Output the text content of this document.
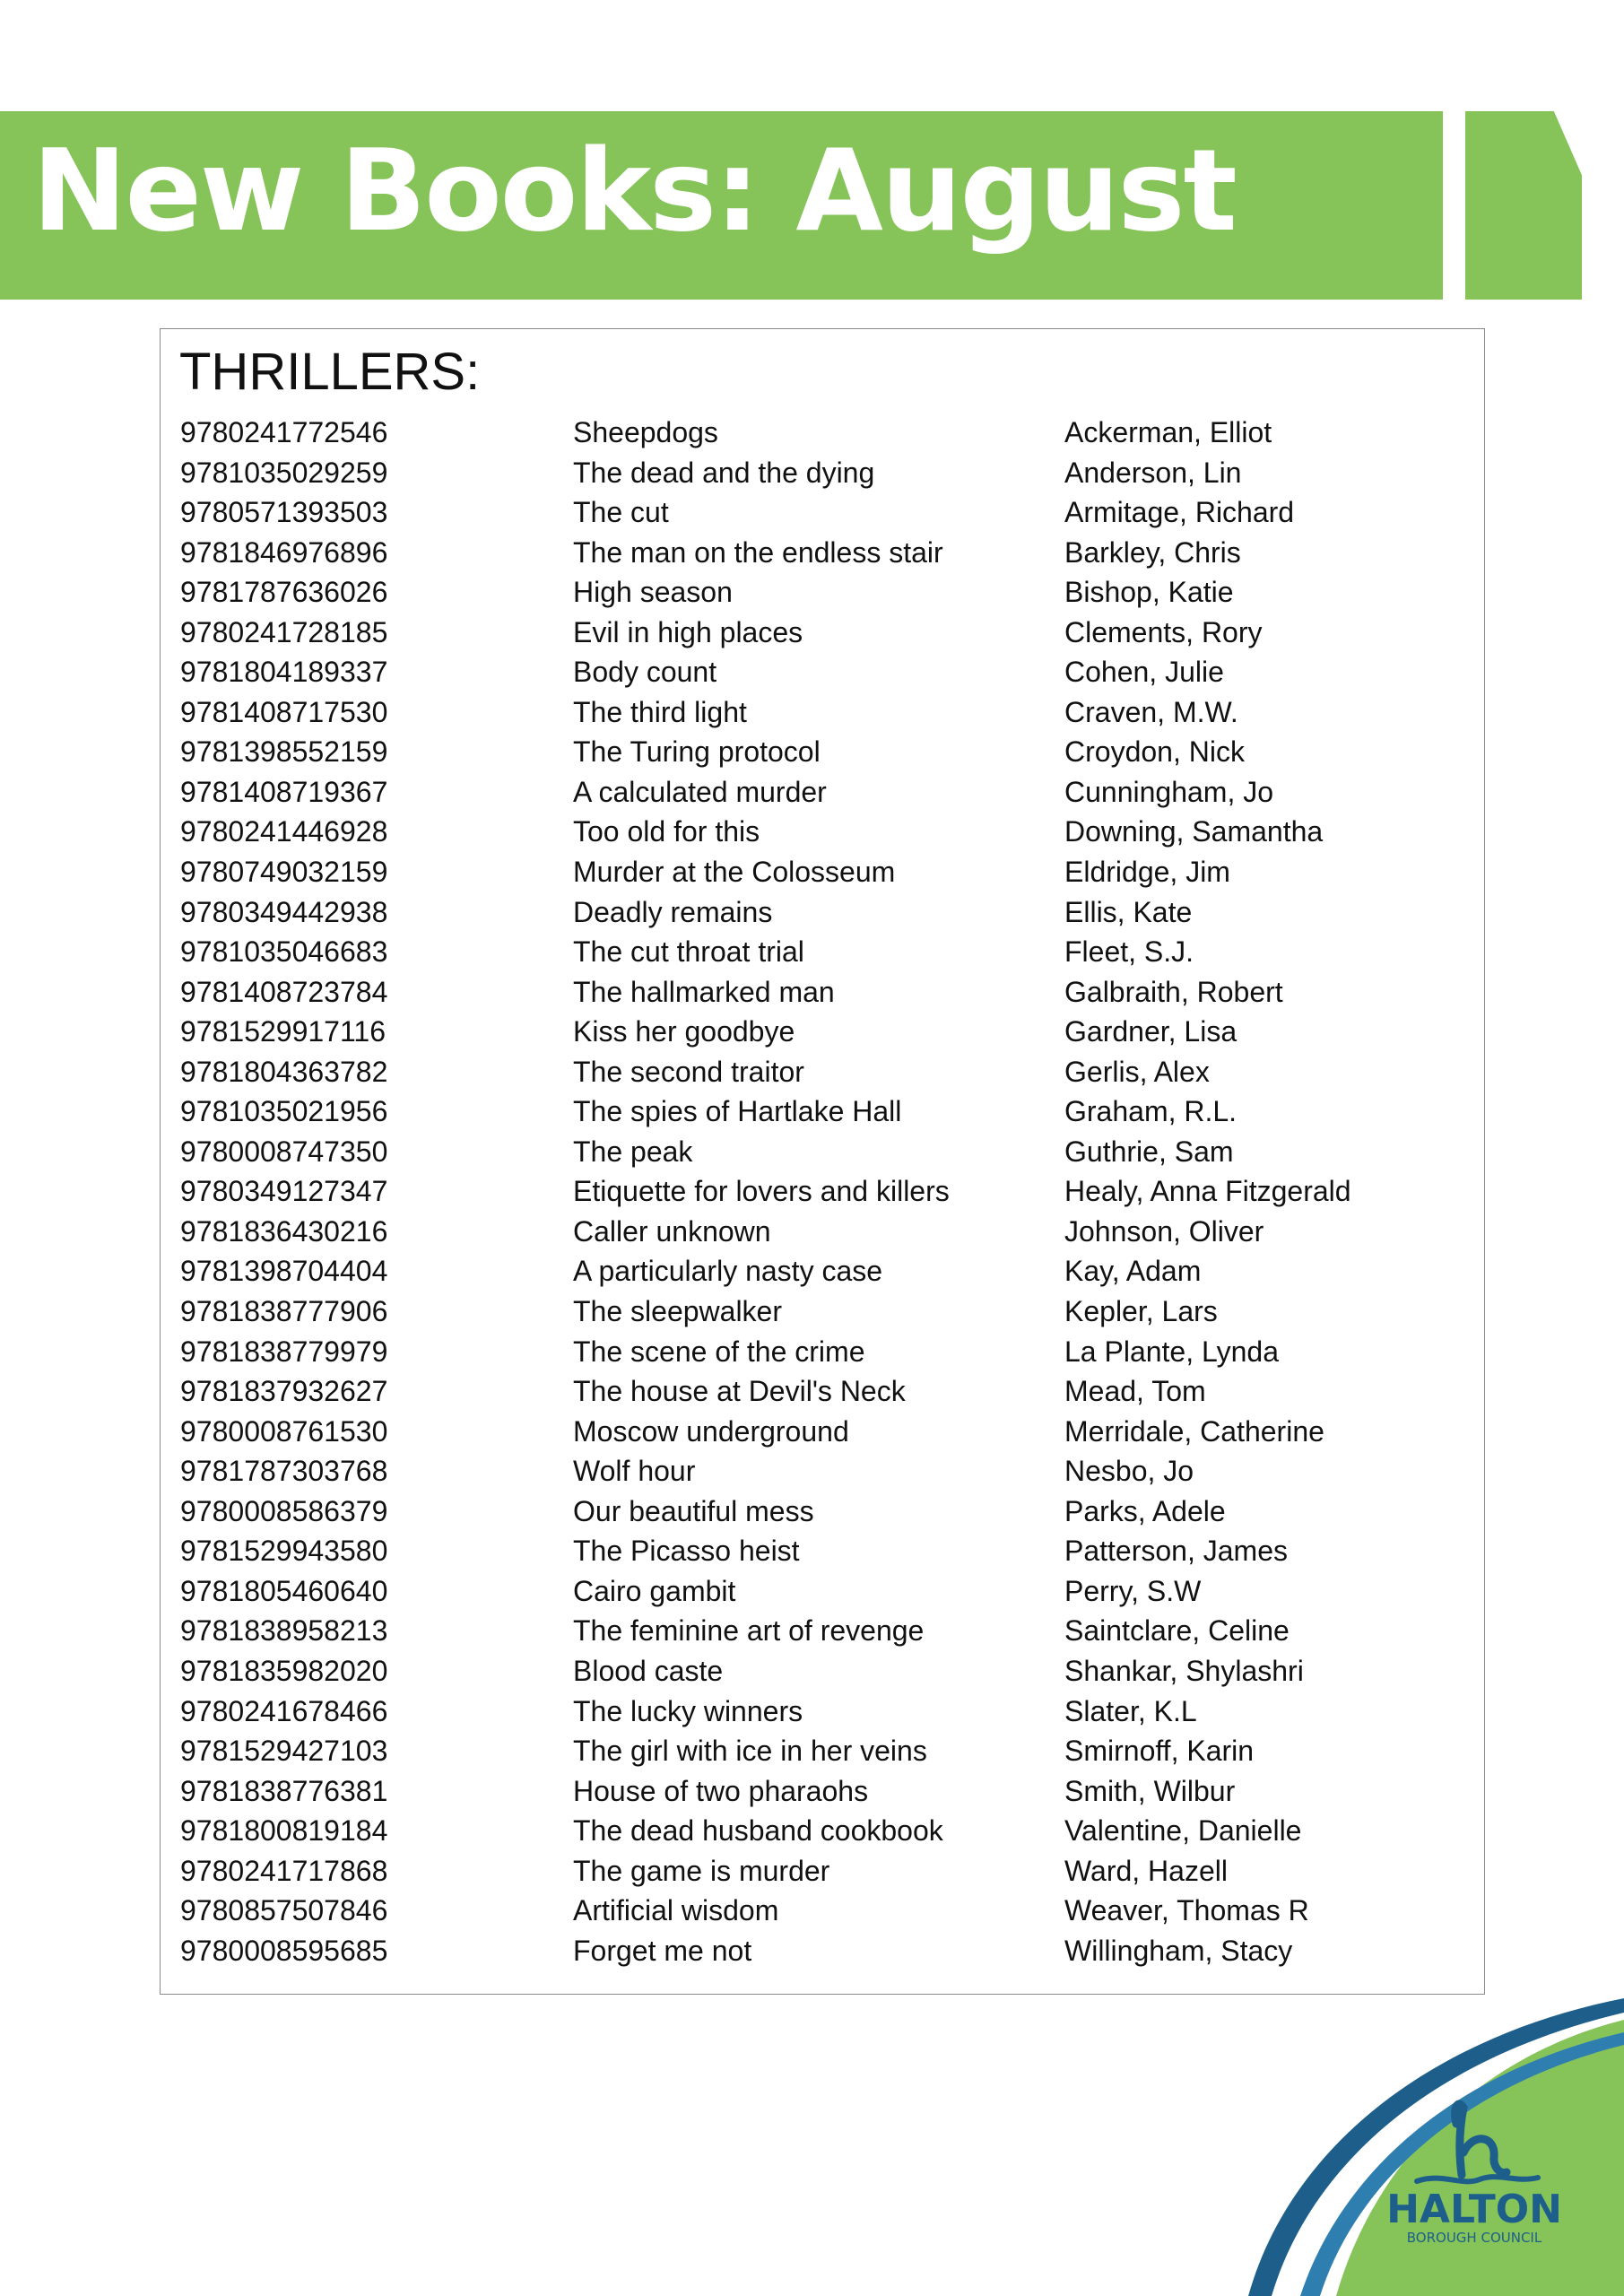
New Books: August
THRILLERS:
9780241772546	Sheepdogs	Ackerman, Elliot
9781035029259	The dead and the dying	Anderson, Lin
9780571393503	The cut	Armitage, Richard
9781846976896	The man on the endless stair	Barkley, Chris
9781787636026	High season	Bishop, Katie
9780241728185	Evil in high places	Clements, Rory
9781804189337	Body count	Cohen, Julie
9781408717530	The third light	Craven, M.W.
9781398552159	The Turing protocol	Croydon, Nick
9781408719367	A calculated murder	Cunningham, Jo
9780241446928	Too old for this	Downing, Samantha
9780749032159	Murder at the Colosseum	Eldridge, Jim
9780349442938	Deadly remains	Ellis, Kate
9781035046683	The cut throat trial	Fleet, S.J.
9781408723784	The hallmarked man	Galbraith, Robert
9781529917116	Kiss her goodbye	Gardner, Lisa
9781804363782	The second traitor	Gerlis, Alex
9781035021956	The spies of Hartlake Hall	Graham, R.L.
9780008747350	The peak	Guthrie, Sam
9780349127347	Etiquette for lovers and killers	Healy, Anna Fitzgerald
9781836430216	Caller unknown	Johnson, Oliver
9781398704404	A particularly nasty case	Kay, Adam
9781838777906	The sleepwalker	Kepler, Lars
9781838779979	The scene of the crime	La Plante, Lynda
9781837932627	The house at Devil's Neck	Mead, Tom
9780008761530	Moscow underground	Merridale, Catherine
9781787303768	Wolf hour	Nesbo, Jo
9780008586379	Our beautiful mess	Parks, Adele
9781529943580	The Picasso heist	Patterson, James
9781805460640	Cairo gambit	Perry, S.W
9781838958213	The feminine art of revenge	Saintclare, Celine
9781835982020	Blood caste	Shankar, Shylashri
9780241678466	The lucky winners	Slater, K.L
9781529427103	The girl with ice in her veins	Smirnoff, Karin
9781838776381	House of two pharaohs	Smith, Wilbur
9781800819184	The dead husband cookbook	Valentine, Danielle
9780241717868	The game is murder	Ward, Hazell
9780857507846	Artificial wisdom	Weaver, Thomas R
9780008595685	Forget me not	Willingham, Stacy
HALTON
BOROUGH COUNCIL
